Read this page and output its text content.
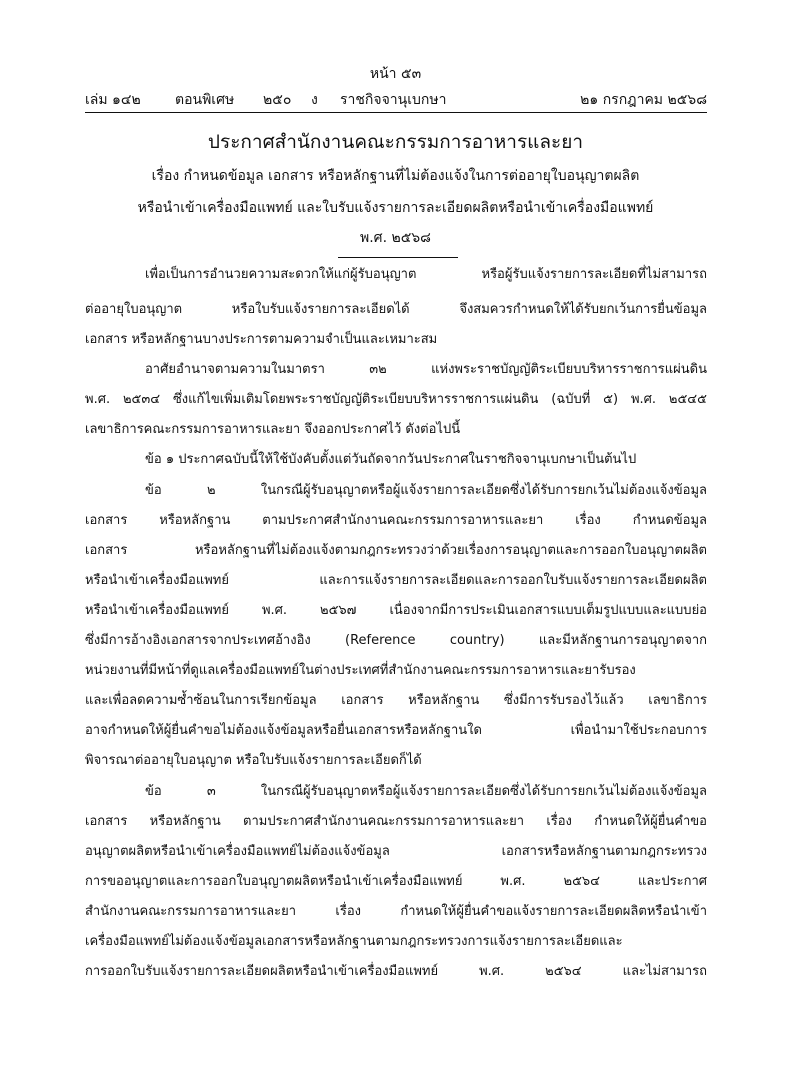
หน้า ๕๓
เล่ม ๑๔๒ ตอนพิเศษ ๒๕๐ ง ราชกิจจานุเบกษา	๒๑ กรกฎาคม ๒๕๖๘
ประกาศสำนักงานคณะกรรมการอาหารและยา
เรื่อง กำหนดข้อมูล เอกสาร หรือหลักฐานที่ไม่ต้องแจ้งในการต่ออายุใบอนุญาตผลิต
หรือนำเข้าเครื่องมือแพทย์ และใบรับแจ้งรายการละเอียดผลิตหรือนำเข้าเครื่องมือแพทย์
พ.ศ. ๒๕๖๘
เพื่อเป็นการอำนวยความสะดวกให้แก่ผู้รับอนุญาต หรือผู้รับแจ้งรายการละเอียดที่ไม่สามารถ
ต่ออายุใบอนุญาต หรือใบรับแจ้งรายการละเอียดได้ จึงสมควรกำหนดให้ได้รับยกเว้นการยื่นข้อมูล
เอกสาร หรือหลักฐานบางประการตามความจำเป็นและเหมาะสม
อาศัยอำนาจตามความในมาตรา ๓๒ แห่งพระราชบัญญัติระเบียบบริหารราชการแผ่นดิน
พ.ศ. ๒๕๓๔ ซึ่งแก้ไขเพิ่มเติมโดยพระราชบัญญัติระเบียบบริหารราชการแผ่นดิน (ฉบับที่ ๕) พ.ศ. ๒๕๔๕
เลขาธิการคณะกรรมการอาหารและยา จึงออกประกาศไว้ ดังต่อไปนี้
ข้อ ๑ ประกาศฉบับนี้ให้ใช้บังคับตั้งแต่วันถัดจากวันประกาศในราชกิจจานุเบกษาเป็นต้นไป
ข้อ ๒ ในกรณีผู้รับอนุญาตหรือผู้แจ้งรายการละเอียดซึ่งได้รับการยกเว้นไม่ต้องแจ้งข้อมูล
เอกสาร หรือหลักฐาน ตามประกาศสำนักงานคณะกรรมการอาหารและยา เรื่อง กำหนดข้อมูล
เอกสาร หรือหลักฐานที่ไม่ต้องแจ้งตามกฎกระทรวงว่าด้วยเรื่องการอนุญาตและการออกใบอนุญาตผลิต
หรือนำเข้าเครื่องมือแพทย์ และการแจ้งรายการละเอียดและการออกใบรับแจ้งรายการละเอียดผลิต
หรือนำเข้าเครื่องมือแพทย์ พ.ศ. ๒๕๖๗ เนื่องจากมีการประเมินเอกสารแบบเต็มรูปแบบและแบบย่อ
ซึ่งมีการอ้างอิงเอกสารจากประเทศอ้างอิง (Reference country) และมีหลักฐานการอนุญาตจาก
หน่วยงานที่มีหน้าที่ดูแลเครื่องมือแพทย์ในต่างประเทศที่สำนักงานคณะกรรมการอาหารและยารับรอง
และเพื่อลดความซ้ำซ้อนในการเรียกข้อมูล เอกสาร หรือหลักฐาน ซึ่งมีการรับรองไว้แล้ว เลขาธิการ
อาจกำหนดให้ผู้ยื่นคำขอไม่ต้องแจ้งข้อมูลหรือยื่นเอกสารหรือหลักฐานใด เพื่อนำมาใช้ประกอบการ
พิจารณาต่ออายุใบอนุญาต หรือใบรับแจ้งรายการละเอียดก็ได้
ข้อ ๓ ในกรณีผู้รับอนุญาตหรือผู้แจ้งรายการละเอียดซึ่งได้รับการยกเว้นไม่ต้องแจ้งข้อมูล
เอกสาร หรือหลักฐาน ตามประกาศสำนักงานคณะกรรมการอาหารและยา เรื่อง กำหนดให้ผู้ยื่นคำขอ
อนุญาตผลิตหรือนำเข้าเครื่องมือแพทย์ไม่ต้องแจ้งข้อมูล เอกสารหรือหลักฐานตามกฎกระทรวง
การขออนุญาตและการออกใบอนุญาตผลิตหรือนำเข้าเครื่องมือแพทย์ พ.ศ. ๒๕๖๔ และประกาศ
สำนักงานคณะกรรมการอาหารและยา เรื่อง กำหนดให้ผู้ยื่นคำขอแจ้งรายการละเอียดผลิตหรือนำเข้า
เครื่องมือแพทย์ไม่ต้องแจ้งข้อมูลเอกสารหรือหลักฐานตามกฎกระทรวงการแจ้งรายการละเอียดและ
การออกใบรับแจ้งรายการละเอียดผลิตหรือนำเข้าเครื่องมือแพทย์ พ.ศ. ๒๕๖๔ และไม่สามารถ
